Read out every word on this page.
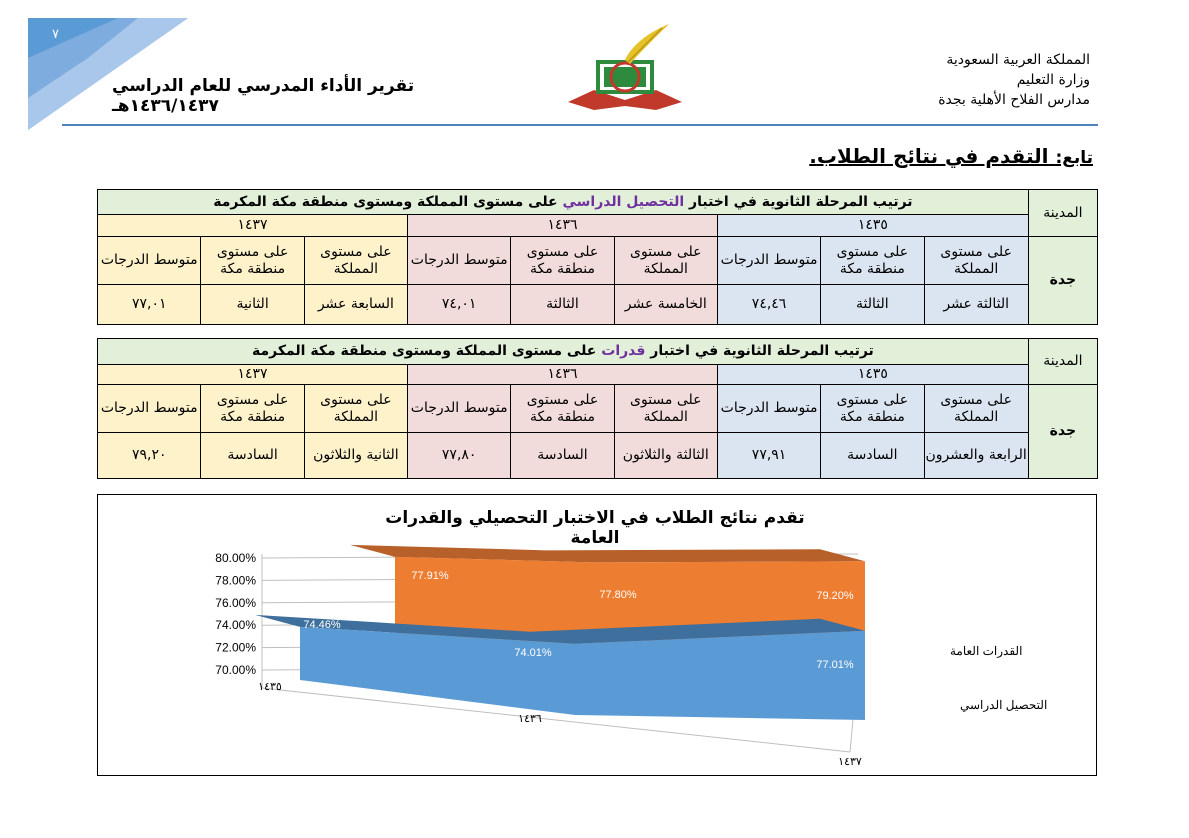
٧
تقرير الأداء المدرسي للعام الدراسي ١٤٣٦/١٤٣٧هـ
المملكة العربية السعودية
وزارة التعليم
مدارس الفلاح الأهلية بجدة
تابع: التقدم في نتائج الطلاب.
المدينة	ترتيب المرحلة الثانوية في اختبار التحصيل الدراسي على مستوى المملكة ومستوى منطقة مكة المكرمة								
	١٤٣٥			١٤٣٦			١٤٣٧		
جدة	على مستوى المملكة	على مستوى منطقة مكة	متوسط الدرجات	على مستوى المملكة	على مستوى منطقة مكة	متوسط الدرجات	على مستوى المملكة	على مستوى منطقة مكة	متوسط الدرجات
	الثالثة عشر	الثالثة	٧٤,٤٦	الخامسة عشر	الثالثة	٧٤,٠١	السابعة عشر	الثانية	٧٧,٠١
المدينة	ترتيب المرحلة الثانوية في اختبار قدرات على مستوى المملكة ومستوى منطقة مكة المكرمة								
	١٤٣٥			١٤٣٦			١٤٣٧		
جدة	على مستوى المملكة	على مستوى منطقة مكة	متوسط الدرجات	على مستوى المملكة	على مستوى منطقة مكة	متوسط الدرجات	على مستوى المملكة	على مستوى منطقة مكة	متوسط الدرجات
	الرابعة والعشرون	السادسة	٧٧,٩١	الثالثة والثلاثون	السادسة	٧٧,٨٠	الثانية والثلاثون	السادسة	٧٩,٢٠
تقدم نتائج الطلاب في الاختبار التحصيلي والقدرات العامة
70.00%
72.00%
74.00%
76.00%
78.00%
80.00%
77.91%
77.80%	79.20%
74.46%
74.01%
77.01%
١٤٣٥
١٤٣٦
١٤٣٧
القدرات العامة
التحصيل الدراسي
